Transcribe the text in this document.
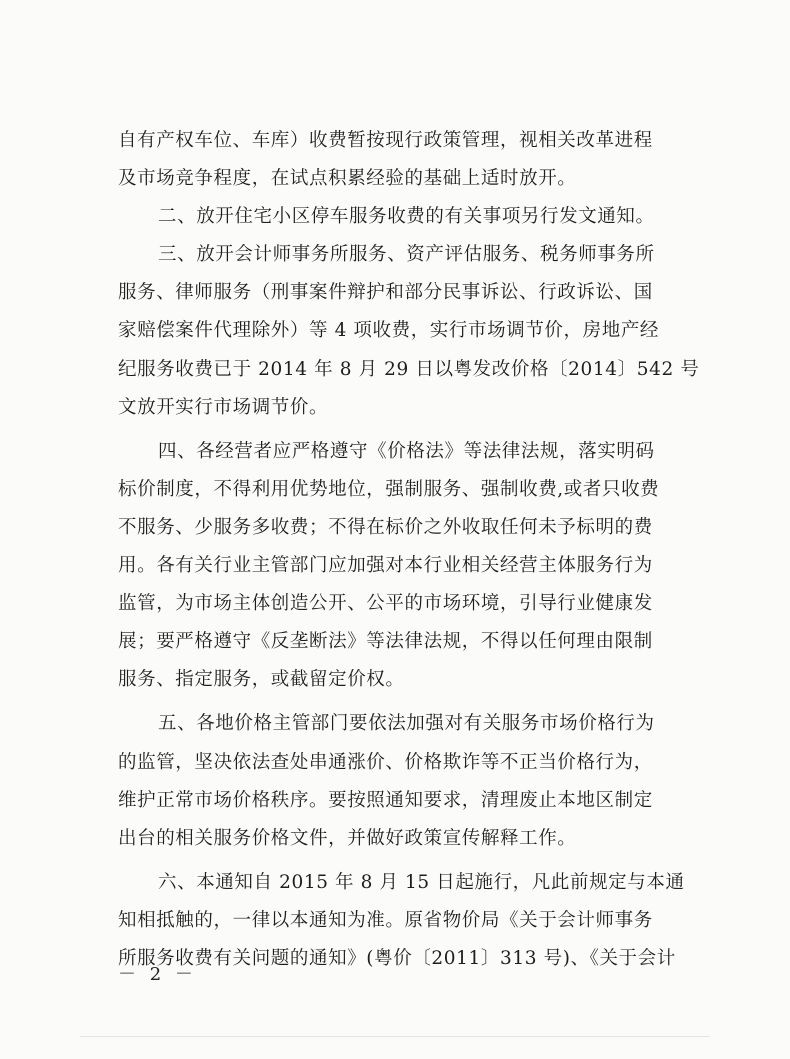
自有产权车位、车库）收费暂按现行政策管理，视相关改革进程
及市场竞争程度，在试点积累经验的基础上适时放开。
二、放开住宅小区停车服务收费的有关事项另行发文通知。
三、放开会计师事务所服务、资产评估服务、税务师事务所
服务、律师服务（刑事案件辩护和部分民事诉讼、行政诉讼、国
家赔偿案件代理除外）等 4 项收费，实行市场调节价，房地产经
纪服务收费已于 2014 年 8 月 29 日以粤发改价格〔2014〕542 号
文放开实行市场调节价。
四、各经营者应严格遵守《价格法》等法律法规，落实明码
标价制度，不得利用优势地位，强制服务、强制收费,或者只收费
不服务、少服务多收费；不得在标价之外收取任何未予标明的费
用。各有关行业主管部门应加强对本行业相关经营主体服务行为
监管，为市场主体创造公开、公平的市场环境，引导行业健康发
展；要严格遵守《反垄断法》等法律法规，不得以任何理由限制
服务、指定服务，或截留定价权。
五、各地价格主管部门要依法加强对有关服务市场价格行为
的监管，坚决依法查处串通涨价、价格欺诈等不正当价格行为，
维护正常市场价格秩序。要按照通知要求，清理废止本地区制定
出台的相关服务价格文件，并做好政策宣传解释工作。
六、本通知自 2015 年 8 月 15 日起施行，凡此前规定与本通
知相抵触的，一律以本通知为准。原省物价局《关于会计师事务
所服务收费有关问题的通知》(粤价〔2011〕313 号)、《关于会计
－ 2 －
